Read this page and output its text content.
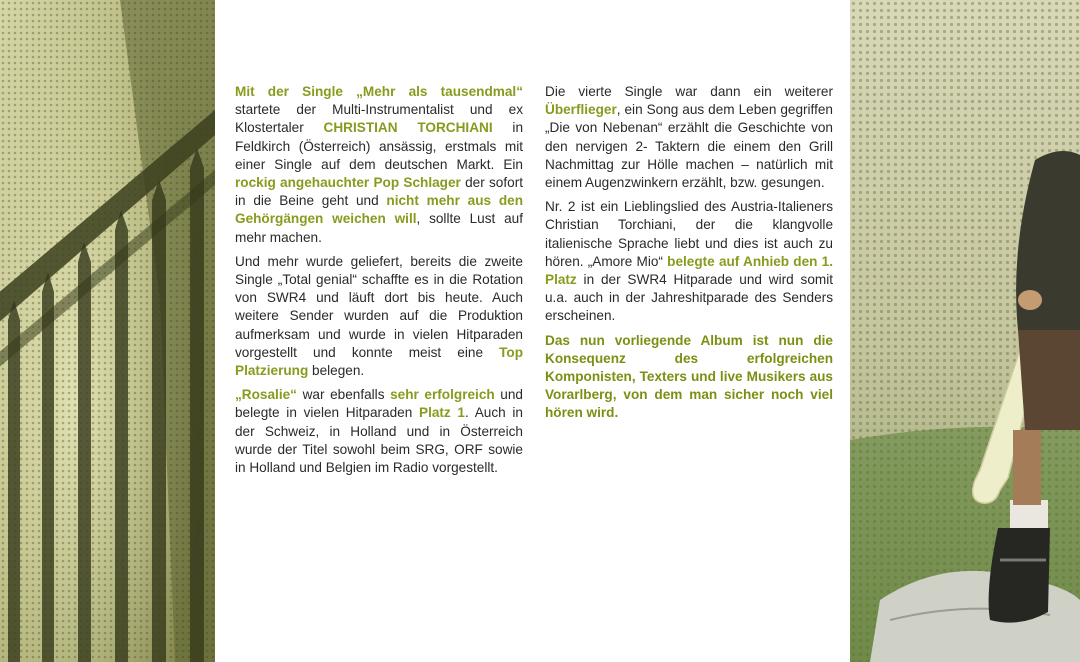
Mit der Single „Mehr als tausendmal“ startete der Multi-Instrumentalist und ex Klostertaler CHRISTIAN TORCHIANI in Feldkirch (Österreich) ansässig, erstmals mit einer Single auf dem deutschen Markt. Ein rockig angehauchter Pop Schlager der sofort in die Beine geht und nicht mehr aus den Gehörgängen weichen will, sollte Lust auf mehr machen.

Und mehr wurde geliefert, bereits die zweite Single „Total genial“ schaffte es in die Rotation von SWR4 und läuft dort bis heute. Auch weitere Sender wurden auf die Produktion aufmerksam und wurde in vielen Hitparaden vorgestellt und konnte meist eine Top Platzierung belegen.

„Rosalie“ war ebenfalls sehr erfolgreich und belegte in vielen Hitparaden Platz 1. Auch in der Schweiz, in Holland und in Österreich wurde der Titel sowohl beim SRG, ORF sowie in Holland und Belgien im Radio vorgestellt.

Die vierte Single war dann ein weiterer Überflieger, ein Song aus dem Leben gegriffen „Die von Nebenan“ erzählt die Geschichte von den nervigen 2- Taktern die einem den Grill Nachmittag zur Hölle machen – natürlich mit einem Augenzwinkern erzählt, bzw. gesungen.

Nr. 2 ist ein Lieblingslied des Austria-Italieners Christian Torchiani, der die klangvolle italienische Sprache liebt und dies ist auch zu hören. „Amore Mio“ belegte auf Anhieb den 1. Platz in der SWR4 Hitparade und wird somit u.a. auch in der Jahreshitparade des Senders erscheinen.

Das nun vorliegende Album ist nun die Konsequenz des erfolgreichen Komponisten, Texters und live Musikers aus Vorarlberg, von dem man sicher noch viel hören wird.
